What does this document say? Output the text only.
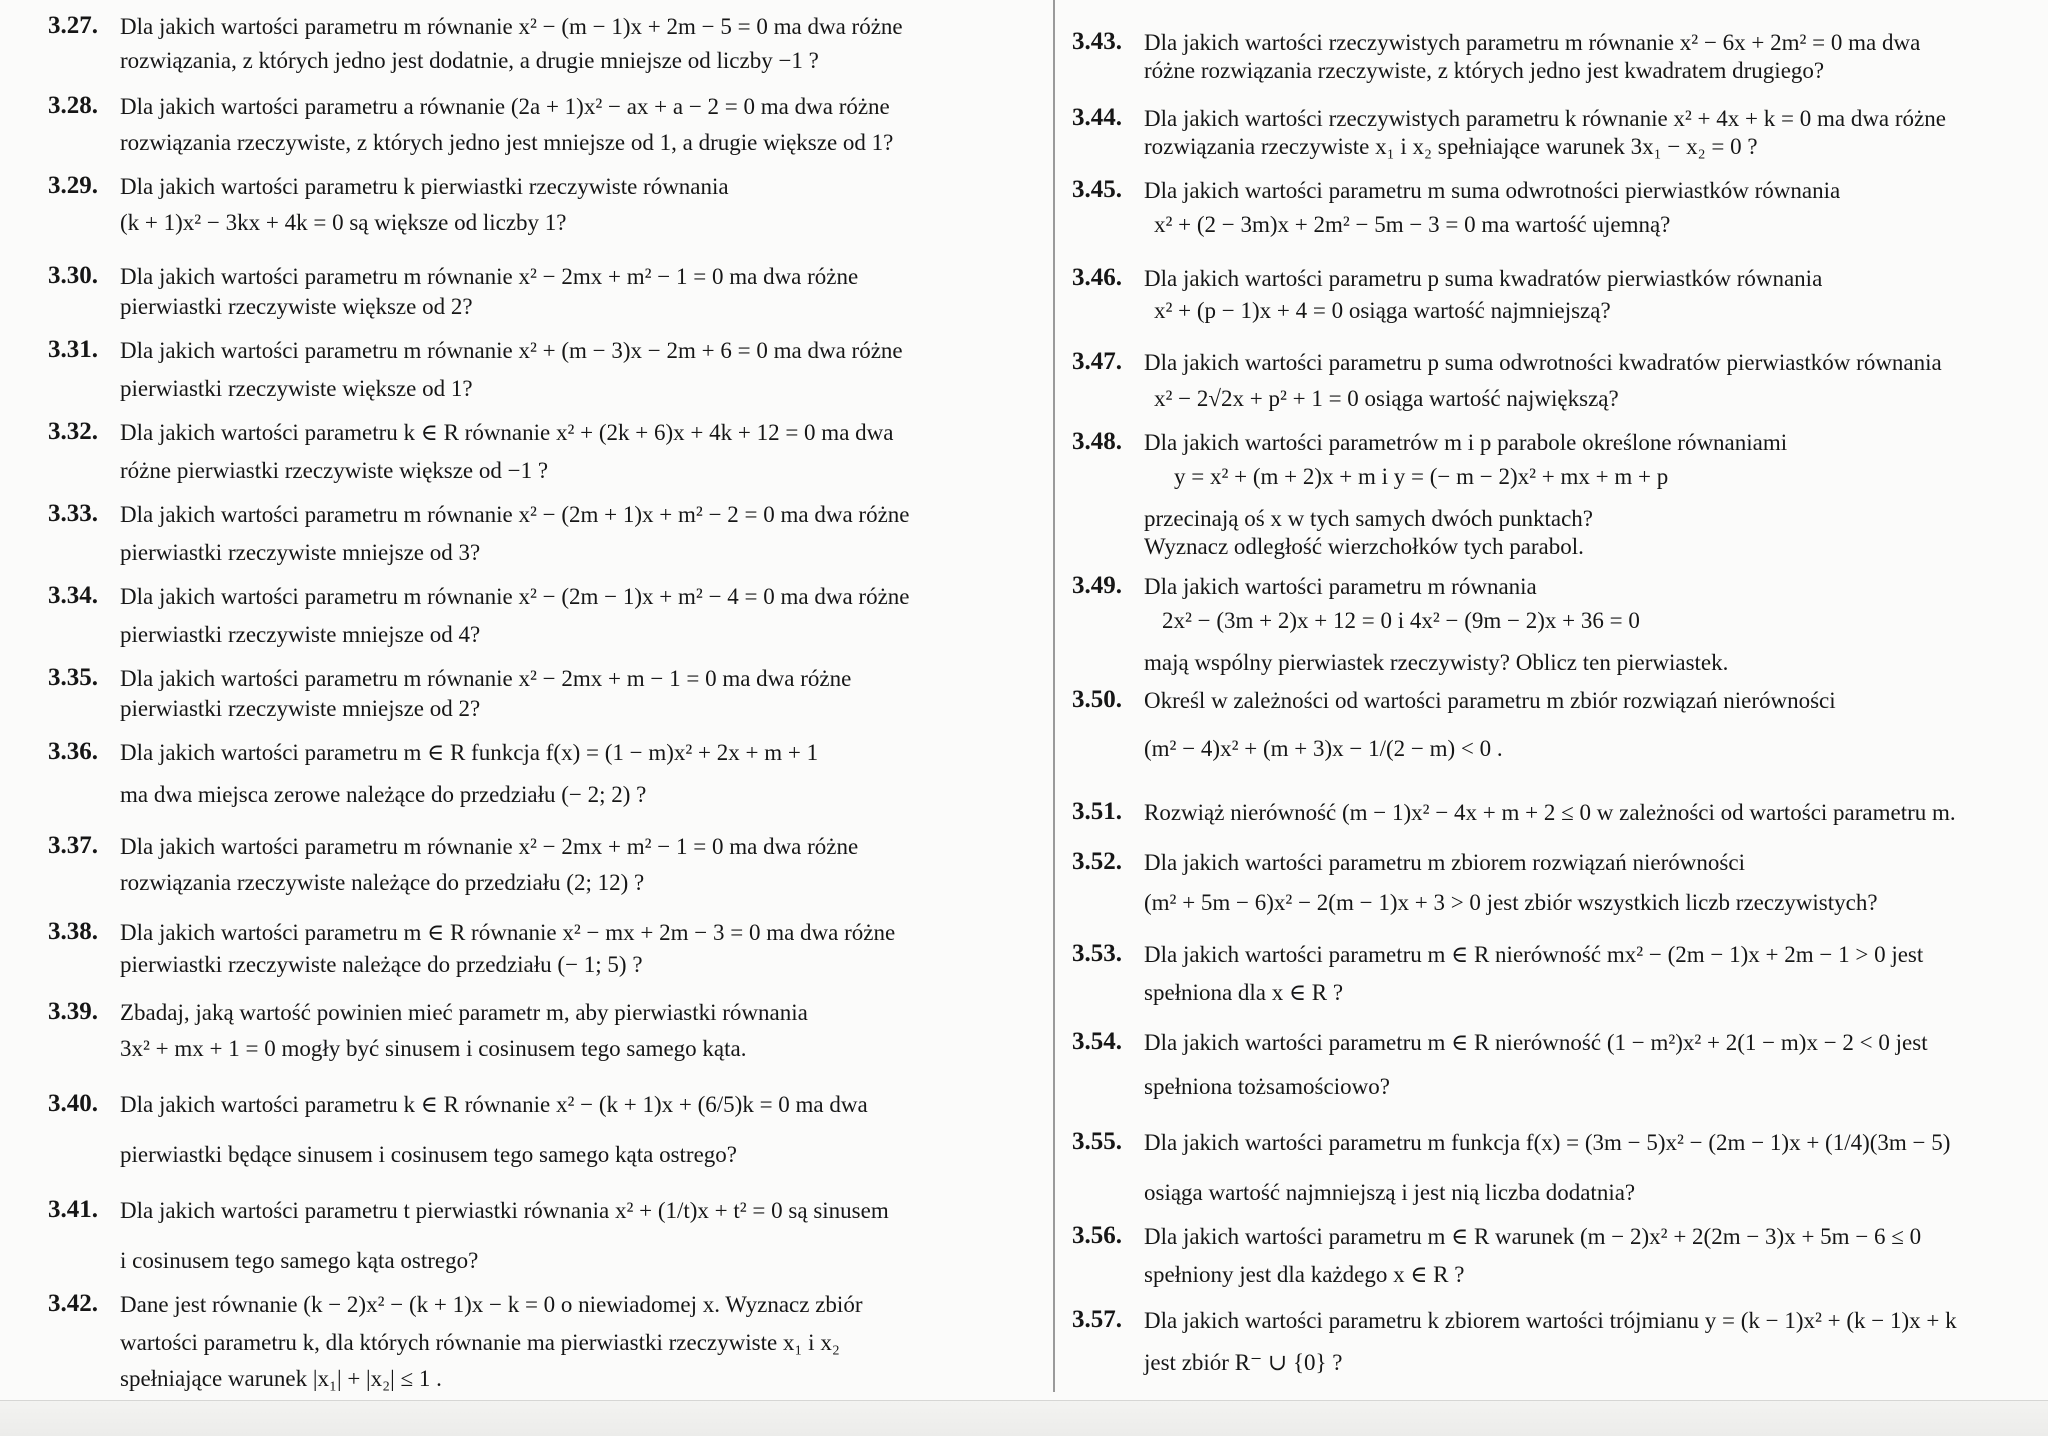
3.27. Dla jakich wartości parametru m równanie x² − (m − 1)x + 2m − 5 = 0 ma dwa różne
rozwiązania, z których jedno jest dodatnie, a drugie mniejsze od liczby −1 ?
3.28. Dla jakich wartości parametru a równanie (2a + 1)x² − ax + a − 2 = 0 ma dwa różne
rozwiązania rzeczywiste, z których jedno jest mniejsze od 1, a drugie większe od 1?
3.29. Dla jakich wartości parametru k pierwiastki rzeczywiste równania
(k + 1)x² − 3kx + 4k = 0 są większe od liczby 1?
3.30. Dla jakich wartości parametru m równanie x² − 2mx + m² − 1 = 0 ma dwa różne
pierwiastki rzeczywiste większe od 2?
3.31. Dla jakich wartości parametru m równanie x² + (m − 3)x − 2m + 6 = 0 ma dwa różne
pierwiastki rzeczywiste większe od 1?
3.32. Dla jakich wartości parametru k ∈ R równanie x² + (2k + 6)x + 4k + 12 = 0 ma dwa
różne pierwiastki rzeczywiste większe od −1 ?
3.33. Dla jakich wartości parametru m równanie x² − (2m + 1)x + m² − 2 = 0 ma dwa różne
pierwiastki rzeczywiste mniejsze od 3?
3.34. Dla jakich wartości parametru m równanie x² − (2m − 1)x + m² − 4 = 0 ma dwa różne
pierwiastki rzeczywiste mniejsze od 4?
3.35. Dla jakich wartości parametru m równanie x² − 2mx + m − 1 = 0 ma dwa różne
pierwiastki rzeczywiste mniejsze od 2?
3.36. Dla jakich wartości parametru m ∈ R funkcja f(x) = (1 − m)x² + 2x + m + 1
ma dwa miejsca zerowe należące do przedziału (− 2; 2) ?
3.37. Dla jakich wartości parametru m równanie x² − 2mx + m² − 1 = 0 ma dwa różne
rozwiązania rzeczywiste należące do przedziału (2; 12) ?
3.38. Dla jakich wartości parametru m ∈ R równanie x² − mx + 2m − 3 = 0 ma dwa różne
pierwiastki rzeczywiste należące do przedziału (− 1; 5) ?
3.39. Zbadaj, jaką wartość powinien mieć parametr m, aby pierwiastki równania
3x² + mx + 1 = 0 mogły być sinusem i cosinusem tego samego kąta.
3.40. Dla jakich wartości parametru k ∈ R równanie x² − (k + 1)x + (6/5)k = 0 ma dwa
pierwiastki będące sinusem i cosinusem tego samego kąta ostrego?
3.41. Dla jakich wartości parametru t pierwiastki równania x² + (1/t)x + t² = 0 są sinusem
i cosinusem tego samego kąta ostrego?
3.42. Dane jest równanie (k − 2)x² − (k + 1)x − k = 0 o niewiadomej x. Wyznacz zbiór
wartości parametru k, dla których równanie ma pierwiastki rzeczywiste x₁ i x₂
spełniające warunek |x₁| + |x₂| ≤ 1 .
3.43. Dla jakich wartości rzeczywistych parametru m równanie x² − 6x + 2m² = 0 ma dwa
różne rozwiązania rzeczywiste, z których jedno jest kwadratem drugiego?
3.44. Dla jakich wartości rzeczywistych parametru k równanie x² + 4x + k = 0 ma dwa różne
rozwiązania rzeczywiste x₁ i x₂ spełniające warunek 3x₁ − x₂ = 0 ?
3.45. Dla jakich wartości parametru m suma odwrotności pierwiastków równania
x² + (2 − 3m)x + 2m² − 5m − 3 = 0 ma wartość ujemną?
3.46. Dla jakich wartości parametru p suma kwadratów pierwiastków równania
x² + (p − 1)x + 4 = 0 osiąga wartość najmniejszą?
3.47. Dla jakich wartości parametru p suma odwrotności kwadratów pierwiastków równania
x² − 2√2x + p² + 1 = 0 osiąga wartość największą?
3.48. Dla jakich wartości parametrów m i p parabole określone równaniami
y = x² + (m + 2)x + m i y = (− m − 2)x² + mx + m + p
przecinają oś x w tych samych dwóch punktach?
Wyznacz odległość wierzchołków tych parabol.
3.49. Dla jakich wartości parametru m równania
2x² − (3m + 2)x + 12 = 0 i 4x² − (9m − 2)x + 36 = 0
mają wspólny pierwiastek rzeczywisty? Oblicz ten pierwiastek.
3.50. Określ w zależności od wartości parametru m zbiór rozwiązań nierówności
(m² − 4)x² + (m + 3)x − 1/(2 − m) < 0 .
3.51. Rozwiąż nierówność (m − 1)x² − 4x + m + 2 ≤ 0 w zależności od wartości parametru m.
3.52. Dla jakich wartości parametru m zbiorem rozwiązań nierówności
(m² + 5m − 6)x² − 2(m − 1)x + 3 > 0 jest zbiór wszystkich liczb rzeczywistych?
3.53. Dla jakich wartości parametru m ∈ R nierówność mx² − (2m − 1)x + 2m − 1 > 0 jest
spełniona dla x ∈ R ?
3.54. Dla jakich wartości parametru m ∈ R nierówność (1 − m²)x² + 2(1 − m)x − 2 < 0 jest
spełniona tożsamościowo?
3.55. Dla jakich wartości parametru m funkcja f(x) = (3m − 5)x² − (2m − 1)x + (1/4)(3m − 5)
osiąga wartość najmniejszą i jest nią liczba dodatnia?
3.56. Dla jakich wartości parametru m ∈ R warunek (m − 2)x² + 2(2m − 3)x + 5m − 6 ≤ 0
spełniony jest dla każdego x ∈ R ?
3.57. Dla jakich wartości parametru k zbiorem wartości trójmianu y = (k − 1)x² + (k − 1)x + k
jest zbiór R⁻ ∪ {0} ?
